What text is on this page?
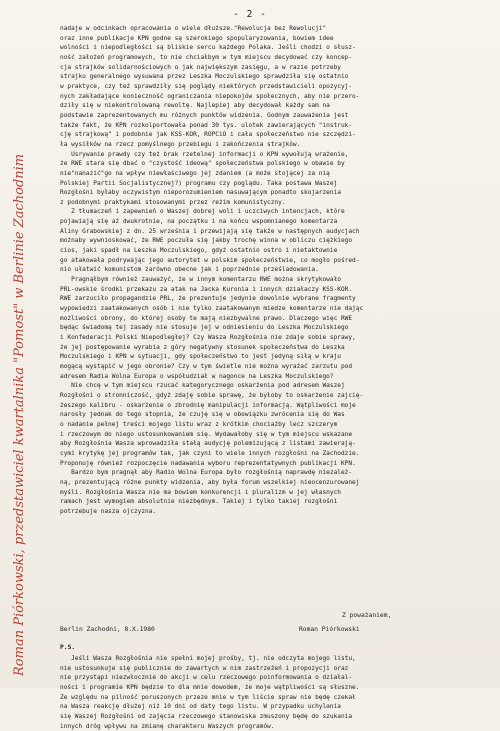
- 2 -
Roman Piórkowski, przedstawiciel kwartalnika "Pomost" w Berlinie Zachodnim
nadaje w odcinkach opracowania o wiele dłuższe."Rewolucja bez Rewolucji"
oraz inne publikacje KPN godne są szerokiego spopularyzowania, bowiem idee
wolności i niepodległości są bliskie sercu każdego Polaka. Jeśli chodzi o słusz-
ność założeń programowych, to nie chciałbym w tym miejscu decydować czy koncep-
cja strajków solidarnościowych o jak największym zasięgu, a w razie potrzeby
strajku generalnego wysuwana przez Leszka Moczulskiego sprawdziła się ostatnio
w praktyce, czy też sprawdziły się poglądy niektórych przedstawicieli opozycyj-
nych zakładające konieczność ograniczania niepokojów społecznych, aby nie przero-
dziły się w niekontrolowaną rewoltę. Najlepiej aby decydował każdy sam na
podstawie zaprezentowanych mu różnych punktów widzenia. Godnym zauważenia jest
także fakt, że KPN rozkolportowała ponad 30 tys. ulotek zawierających "instruk-
cję strajkową" i podobnie jak KSS-KOR, ROPCiO i cała społeczeństwo nie szczędzi-
ła wysiłków na rzecz pomyślnego przebiegu i zakończenia strajków.
Usrywanie prawdy czy też brak rzetelnej informacji o KPN wywołują wrażenie,
że RWE stara się dbać o "czystość ideową" społeczeństwa polskiego w obawie by
nie"nanazić"go na wpływ niewłaściwego jej zdaniem (a może stojącej za nią
Polskiej Partii Socjalistycznej?) programu czy poglądu. Taka postawa Waszej
Rozgłośni byłaby oczywistym nieporozumieniem nasuwającym ponadto skojarzenia
z podobnymi praktykami stosowanymi przez reżim komunistyczny.
Z tłumaczeń i zapewnień o Waszej dobrej woli i uczciwych intencjach, które
pojawiają się aż dwukrotnie, na początku i na końcu wspomnianego komentarza
Aliny Grabowskiej z dn. 25 września i przewijają się także w następnych audycjach
możnaby wywnioskować, że RWE poczuła się jakby trochę winna w obliczu ciężkiego
cios, jaki spadł na Leszka Moczulskiego, gdyż ostatnio ostro i nietaktownie
go atakowała podrywając jego autorytet w polskim społeczeństwie, co mogło pośred-
nio ułatwić komunistom zarówno obecne jak i poprzednie prześladowania.
Pragnąłbym również zauważyć, że w innym komentarzu RWE można skrytykowało
PRL-owskie środki przekazu za atak na Jacka Kuronia i innych działaczy KSS-KOR.
RWE zarzuciło propagandzie PRL, że prezentuje jedynie dowolnie wybrane fragmenty
wypowiedzi zaatakowanych osób i nie tylko zaatakowanym miedze komentarze nie dając
możliwości obrony, do której osoby te mają niezbywalne prawo. Dlaczego więc RWE
będąc świadomą tej zasady nie stosuje jej w odniesieniu do Leszka Moczulskiego
i Konfederacji Polski Niepodległej? Czy Wasza Rozgłośnia nie zdaje sobie sprawy,
że jej postępowanie wyrabia z góry negatywny stosunek społeczeństwa do Leszka
Moczulskiego i KPN w sytuacji, gdy społeczeństwo to jest jedyną siłą w kraju
mogącą wystąpić w jego obronie? Czy w tym świetle nie można wyrażać zarzutu pod
adresem Radia Wolna Europa o współudział w nagonce na Leszka Moczulskiego?
Nie chcę w tym miejscu rzucać kategorycznego oskarżenia pod adresem Waszej
Rozgłośni o stronniczość, gdyż zdaję sobie sprawę, że byłoby to oskarżenie zajcię-
żeszego kalibru - oskarżenie o zbrodnię manipulacji informacją. Wątpliwości moje
narosły jednak do tego stopnia, że czuję się w obowiązku zwrócenia się do Was
o nadanie pełnej treści mojego listu wraz z krótkim chociażby lecz szczerym
i rzeczowym do niego ustosunkowaniem się. Wydawałoby się w tym miejscu wskazane
aby Rozgłośnia Wasza wprowadziła stałą audycję polemizującą z listami zawierają-
cymi krytykę jej programów tak, jak czyni to wiele innych rozgłośni na Zachodzie.
Proponuję również rozpoczęcie nadawania wyboru reprezentatywnych publikacji KPN.
Bardzo bym pragnął aby Radio Wolna Europa było rozgłośnią naprawdę niezależ-
ną, prezentującą różne punkty widzenia, aby była forum wszelkiej nieocenzurowanej
myśli. Rozgłośnia Wasza nie ma bowiem konkurencji i pluralizm w jej własnych
ramach jest wymogiem absolutnie niezbędnym. Takiej i tylko takiej rozgłośni
potrzebuje nasza ojczyzna.
Z poważaniem,
Berlin Zachodni, 8.X.1980	Roman Piórkowski
P.S.
Jeśli Wasza Rozgłośnia nie spełni mojej prośby, tj. nie odczyta mojego listu,
nie ustosunkuje się publicznie do zawartych w nim zastrzeżeń i propozycji oraz
nie przystąpi niezwłocznie do akcji w celu rzeczowego poinformowania o działal-
ności i programie KPN będzie to dla mnie dowodem, że moje wątpliwości są słuszne.
Ze względu na pilność poruszonych przeze mnie w tym liście spraw nie będę czekał
na Wasza reakcję dłużej niż 10 dni od daty tego listu. W przypadku uchylania
się Waszej Rozgłośni od zajęcia rzeczowego stanowiska zmuszony będę do szukania
innych dróg wpływu na zmianę charakteru Waszych programów.
